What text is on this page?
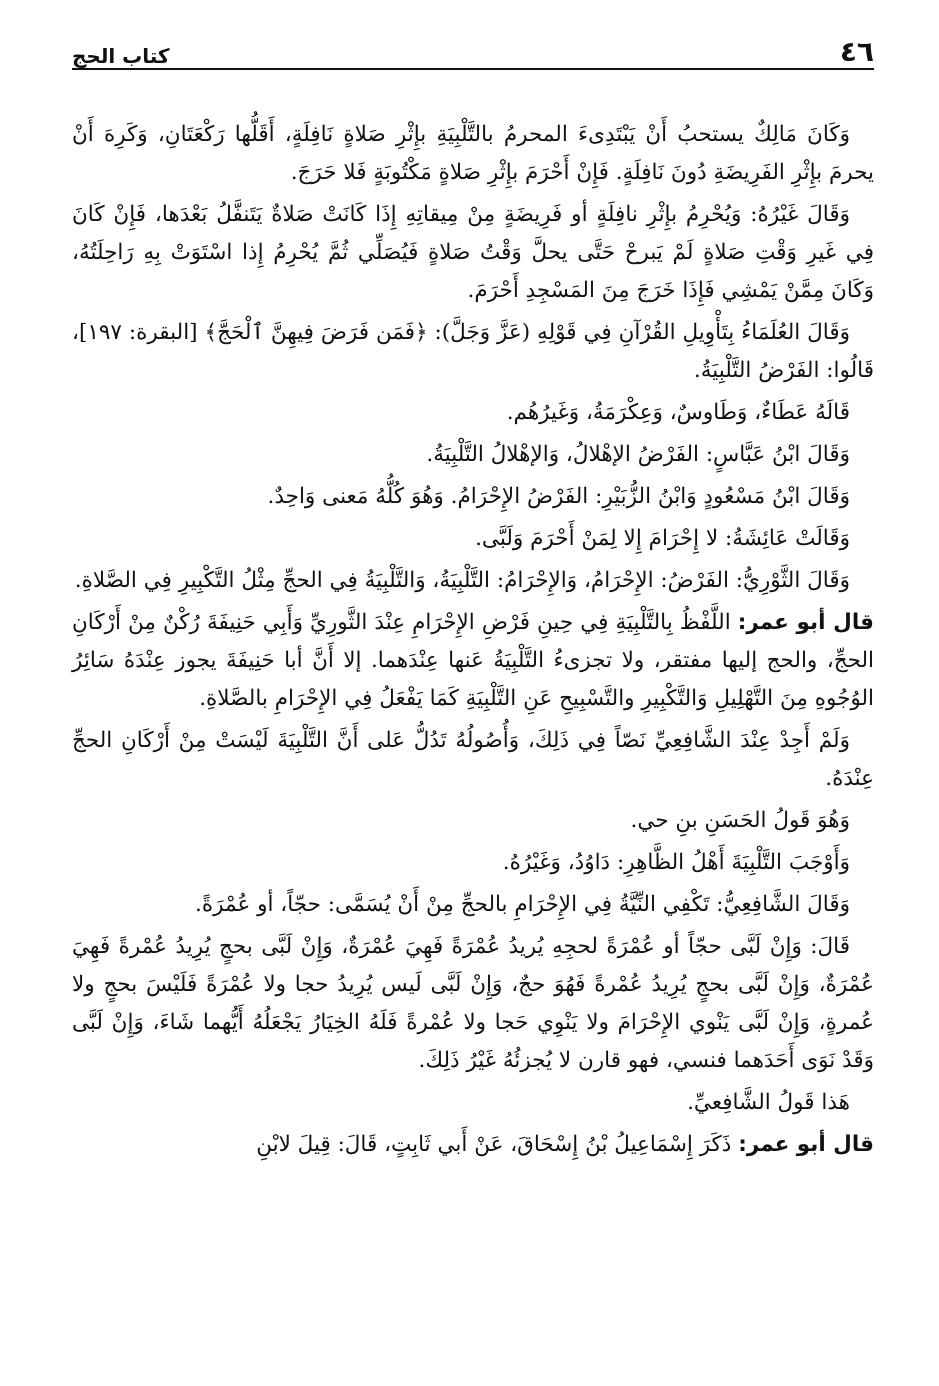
٤٦
كتاب الحج

وَكَانَ مَالِكٌ يستحبُ أَنْ يَبْتَدِىءَ المحرمُ بالتَّلْبِيَةِ بإِثْرِ صَلاةٍ نَافِلَةٍ، أَقَلُّها رَكْعَتَانِ، وَكَرِهَ أَنْ يحرمَ بإِثْرِ الفَرِيضَةِ دُونَ نَافِلَةٍ. فَإِنْ أَحْرَمَ بإِثْرِ صَلاةٍ مَكْتُوبَةٍ فَلا حَرَجَ.

وَقَالَ غَيْرُهُ: وَيُحْرِمُ بإِثْرِ نافِلَةٍ أو فَرِيضَةٍ مِنْ مِيقاتِهِ إِذَا كَانَتْ صَلاةٌ يَتَنفَّلُ بَعْدَها، فَإِنْ كَانَ فِي غَيرِ وَقْتِ صَلاةٍ لَمْ يَبرحْ حَتَّى يحلَّ وَقْتُ صَلاةٍ فَيُصَلِّي ثُمَّ يُحْرِمُ إِذا اسْتَوَتْ بِهِ رَاحِلَتُهُ، وَكَانَ مِمَّنْ يَمْشِي فَإِذَا خَرَجَ مِنَ المَسْجِدِ أَحْرَمَ.

وَقَالَ العُلَمَاءُ بِتَأْوِيلِ القُرْآنِ فِي قَوْلِهِ (عَزَّ وَجَلَّ): ﴿فَمَن فَرَضَ فِيهِنَّ ٱلْحَجَّ﴾ [البقرة: ١٩٧]، قَالُوا: الفَرْضُ التَّلْبِيَةُ.

قَالَهُ عَطَاءٌ، وَطَاوسٌ، وَعِكْرَمَةُ، وَغَيرُهُم.

وَقَالَ ابْنُ عَبَّاسٍ: الفَرْضُ الإهْلالُ، وَالإهْلالُ التَّلْبِيَةُ.

وَقَالَ ابْنُ مَسْعُودٍ وَابْنُ الزُّبَيْرِ: الفَرْضُ الإِحْرَامُ. وَهُوَ كُلُّهُ مَعنى وَاحِدٌ.

وَقَالَتْ عَائِشَةُ: لا إِحْرَامَ إِلا لِمَنْ أَحْرَمَ وَلَبَّى.

وَقَالَ الثَّوْرِيُّ: الفَرْضُ: الإِحْرَامُ، وَالإِحْرَامُ: التَّلْبِيَةُ، وَالتَّلْبِيَةُ فِي الحجِّ مِثْلُ التَّكْبِيرِ فِي الصَّلاةِ.

قال أبو عمر: اللَّفْظُ بِالتَّلْبِيَةِ فِي حِينِ فَرْضِ الإِحْرَامِ عِنْدَ الثَّورِيِّ وَأَبِي حَنِيفَةَ رُكْنٌ مِنْ أَرْكَانِ الحجِّ، والحج إليها مفتقر، ولا تجزىءُ التَّلْبِيَةُ عَنها عِنْدَهما. إلا أَنَّ أبا حَنِيفَةَ يجوز عِنْدَهُ سَائِرُ الوُجُوهِ مِنَ التَّهْلِيلِ وَالتَّكْبِيرِ والتَّسْبِيحِ عَنِ التَّلْبِيَةِ كَمَا يَفْعَلُ فِي الإِحْرَامِ بالصَّلاةِ.

وَلَمْ أَجِدْ عِنْدَ الشَّافِعِيِّ نَصّاً فِي ذَلِكَ، وَأُصُولُهُ تَدُلُّ عَلى أَنَّ التَّلْبِيَةَ لَيْسَتْ مِنْ أَرْكَانِ الحجِّ عِنْدَهُ.

وَهُوَ قَولُ الحَسَنِ بنِ حي.

وَأَوْجَبَ التَّلْبِيَةَ أَهْلُ الظَّاهِرِ: دَاوُدُ، وَغَيْرُهُ.

وَقَالَ الشَّافِعِيُّ: تَكْفِي النِّيَّةُ فِي الإِحْرَامِ بالحجِّ مِنْ أَنْ يُسَمَّى: حجّاً، أو عُمْرَةً.

قَالَ: وَإِنْ لَبَّى حجّاً أو عُمْرَةً لحجِهِ يُريدُ عُمْرَةً فَهِيَ عُمْرَةٌ، وَإِنْ لَبَّى بحجٍ يُرِيدُ عُمْرةً فَهِيَ عُمْرَةٌ، وَإِنْ لَبَّى بحجٍ يُرِيدُ عُمْرةً فَهُوَ حجٌ، وَإِنْ لَبَّى لَيس يُرِيدُ حجا ولا عُمْرَةً فَلَيْسَ بحجٍ ولا عُمرةٍ، وَإِنْ لَبَّى يَنْوي الإِحْرَامَ ولا يَنْوِي حَجا ولا عُمْرةً فَلَهُ الخِيَارُ يَجْعَلُهُ أَيُّهما شَاءَ، وَإِنْ لَبَّى وَقَدْ نَوَى أَحَدَهما فنسي، فهو قارن لا يُجزئُهُ غَيْرُ ذَلِكَ.

هَذا قَولُ الشَّافِعيِّ.

قال أبو عمر: ذَكَرَ إِسْمَاعِيلُ بْنُ إِسْحَاقَ، عَنْ أَبي ثَابِتٍ، قَالَ: قِيلَ لابْنِ
